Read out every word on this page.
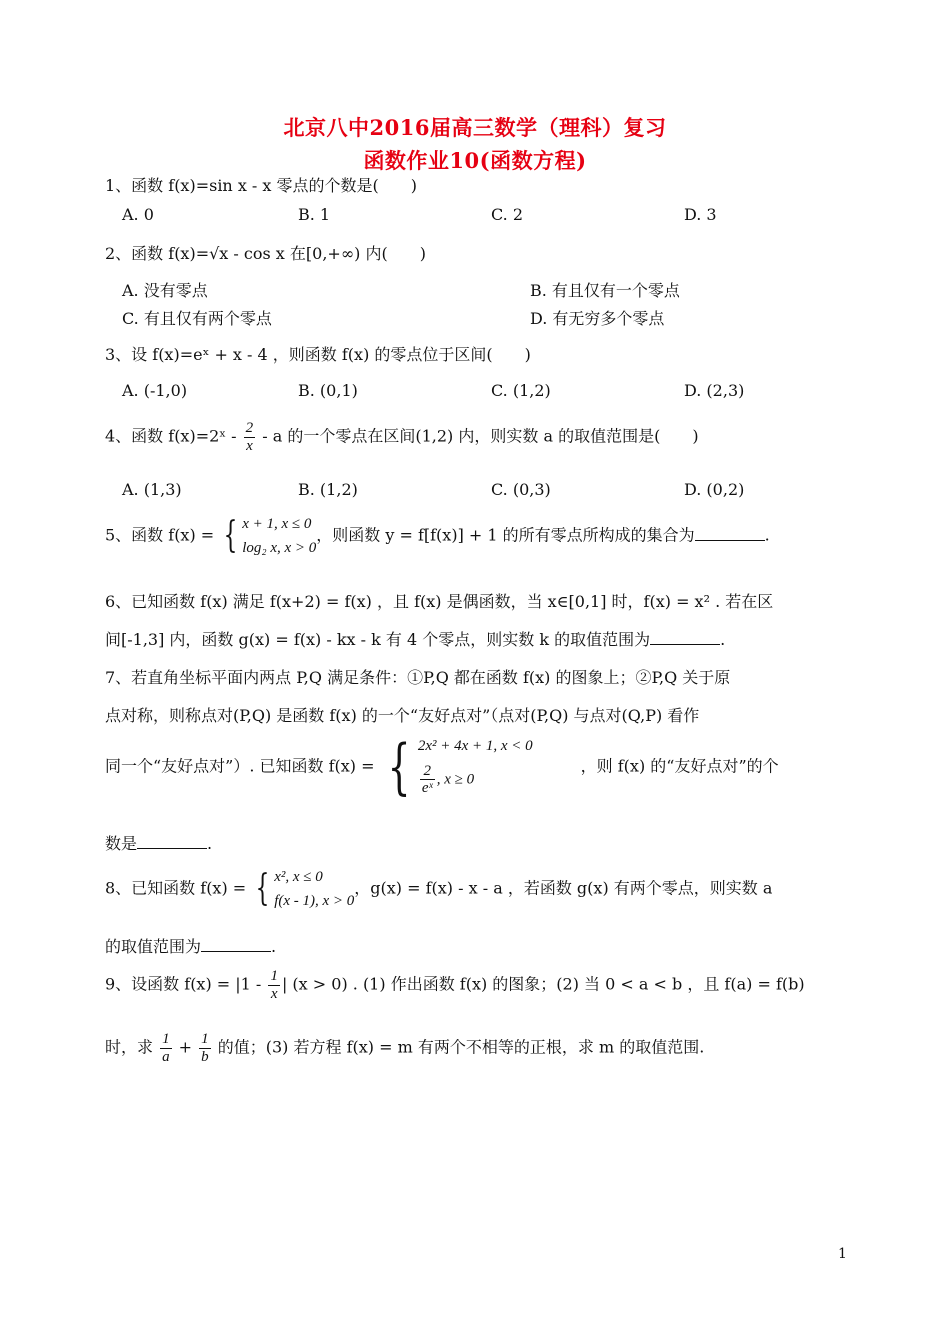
北京八中2016届高三数学（理科）复习
函数作业10(函数方程)
1、函数 f(x)=sin x - x 零点的个数是(　　)
A. 0	B. 1	C. 2	D. 3
2、函数 f(x)=√x - cos x 在[0,+∞) 内(　　)
A. 没有零点	B. 有且仅有一个零点
C. 有且仅有两个零点	D. 有无穷多个零点
3、设 f(x)=eˣ + x - 4 ，则函数 f(x) 的零点位于区间(　　)
A. (-1,0)	B. (0,1)	C. (1,2)	D. (2,3)
4、函数 f(x)=2ˣ - $\frac{2}{x}$ - a 的一个零点在区间(1,2) 内，则实数 a 的取值范围是(　　)
A. (1,3)	B. (1,2)	C. (0,3)	D. (0,2)
5、函数 f(x) = { x + 1, x ≤ 0
log₂ x, x > 0
，则函数 y = f[f(x)] + 1 的所有零点所构成的集合为	.
6、已知函数 f(x) 满足 f(x+2) = f(x) ，且 f(x) 是偶函数，当 x∈[0,1] 时，f(x) = x² . 若在区
间[-1,3] 内，函数 g(x) = f(x) - kx - k 有 4 个零点，则实数 k 的取值范围为	.
7、若直角坐标平面内两点 P,Q 满足条件：①P,Q 都在函数 f(x) 的图象上；②P,Q 关于原
点对称，则称点对(P,Q) 是函数 f(x) 的一个“友好点对”（点对(P,Q) 与点对(Q,P) 看作
同一个“友好点对”）. 已知函数 f(x) = { 2x² + 4x + 1, x < 0
$\frac{2}{\text{eˣ}}$ , x ≥ 0
，则 f(x) 的“友好点对”的个
数是	.
8、已知函数 f(x) = { x², x ≤ 0
f(x - 1), x > 0
，g(x) = f(x) - x - a ，若函数 g(x) 有两个零点，则实数 a
的取值范围为	.
9、设函数 $f(x) = |1 - \frac{1}{x}$ | (x > 0) . (1) 作出函数 f(x) 的图象；(2) 当 0 < a < b ，且 f(a) = f(b)
时，求 $\frac{1}{a} + \frac{1}{b}$ 的值；(3) 若方程 f(x) = m 有两个不相等的正根，求 m 的取值范围.
1
